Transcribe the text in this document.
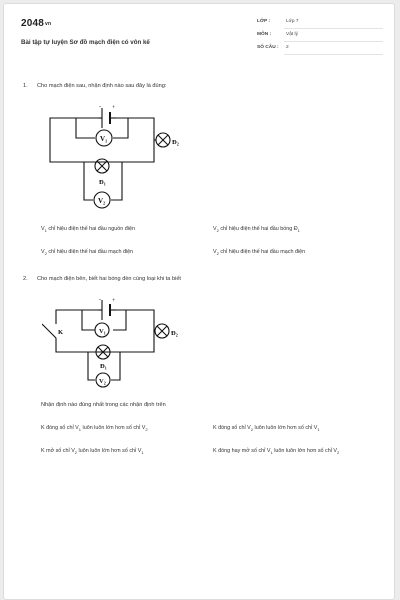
2048vn
Bài tập tự luyện Sơ đồ mạch điện có vôn kế
LỚP :	Lớp 7
MÔN :	Vật lý
SỐ CÂU : 2
1. Cho mạch điện sau, nhận định nào sau đây là đúng:
- +
$V_1$	$Đ_2$
$Đ_1$
$V_2$
$V_1$ chỉ hiệu điện thế hai đầu nguồn điện	$V_2$ chỉ hiệu điện thế hai đầu bóng $Đ_1$
$V_2$ chỉ hiệu điện thế hai đầu mạch điện	$V_2$ chỉ hiệu điện thế hai đầu mạch điện
2. Cho mạch điện bên, biết hai bóng đèn cùng loại khi ta biết
- +
K	$V_1$	$Đ_2$
$Đ_1$
$V_2$
Nhận định nào đúng nhất trong các nhận định trên
K đóng số chỉ $V_1$ luôn luôn lớn hơn số chỉ $V_2$	K đóng số chỉ $V_2$ luôn luôn lớn hơn số chỉ $V_1$
K mở số chỉ $V_2$ luôn luôn lớn hơn số chỉ $V_1$	K đóng hay mở số chỉ $V_1$ luôn luôn lớn hơn số chỉ $V_2$
